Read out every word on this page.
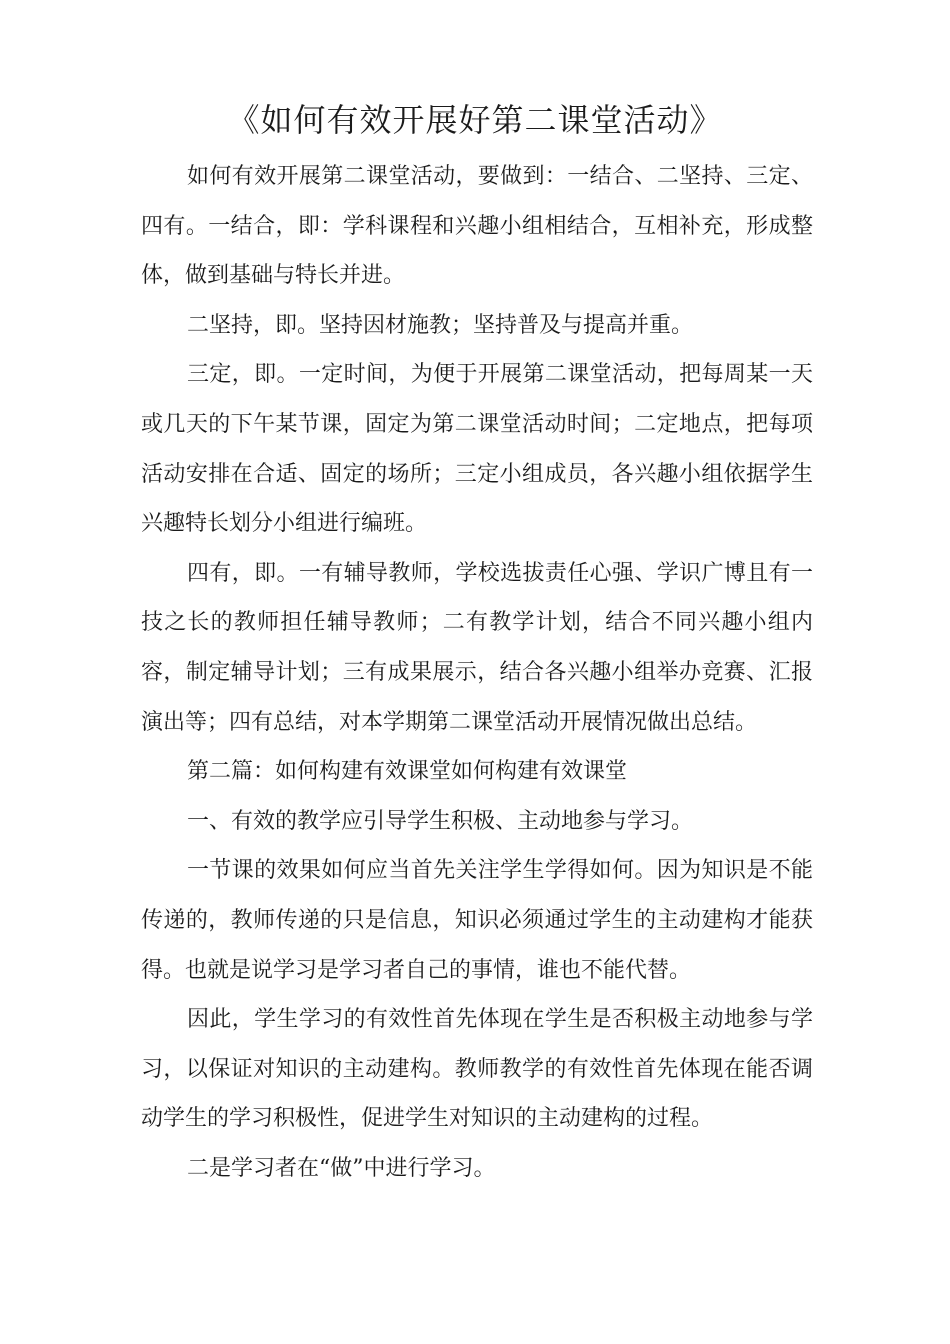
《如何有效开展好第二课堂活动》

如何有效开展第二课堂活动，要做到：一结合、二坚持、三定、四有。一结合，即：学科课程和兴趣小组相结合，互相补充，形成整体，做到基础与特长并进。

二坚持，即。坚持因材施教；坚持普及与提高并重。

三定，即。一定时间，为便于开展第二课堂活动，把每周某一天或几天的下午某节课，固定为第二课堂活动时间；二定地点，把每项活动安排在合适、固定的场所；三定小组成员，各兴趣小组依据学生兴趣特长划分小组进行编班。

四有，即。一有辅导教师，学校选拔责任心强、学识广博且有一技之长的教师担任辅导教师；二有教学计划，结合不同兴趣小组内容，制定辅导计划；三有成果展示，结合各兴趣小组举办竞赛、汇报演出等；四有总结，对本学期第二课堂活动开展情况做出总结。

第二篇：如何构建有效课堂如何构建有效课堂

一、有效的教学应引导学生积极、主动地参与学习。

一节课的效果如何应当首先关注学生学得如何。因为知识是不能传递的，教师传递的只是信息，知识必须通过学生的主动建构才能获得。也就是说学习是学习者自己的事情，谁也不能代替。

因此，学生学习的有效性首先体现在学生是否积极主动地参与学习，以保证对知识的主动建构。教师教学的有效性首先体现在能否调动学生的学习积极性，促进学生对知识的主动建构的过程。

二是学习者在“做”中进行学习。
